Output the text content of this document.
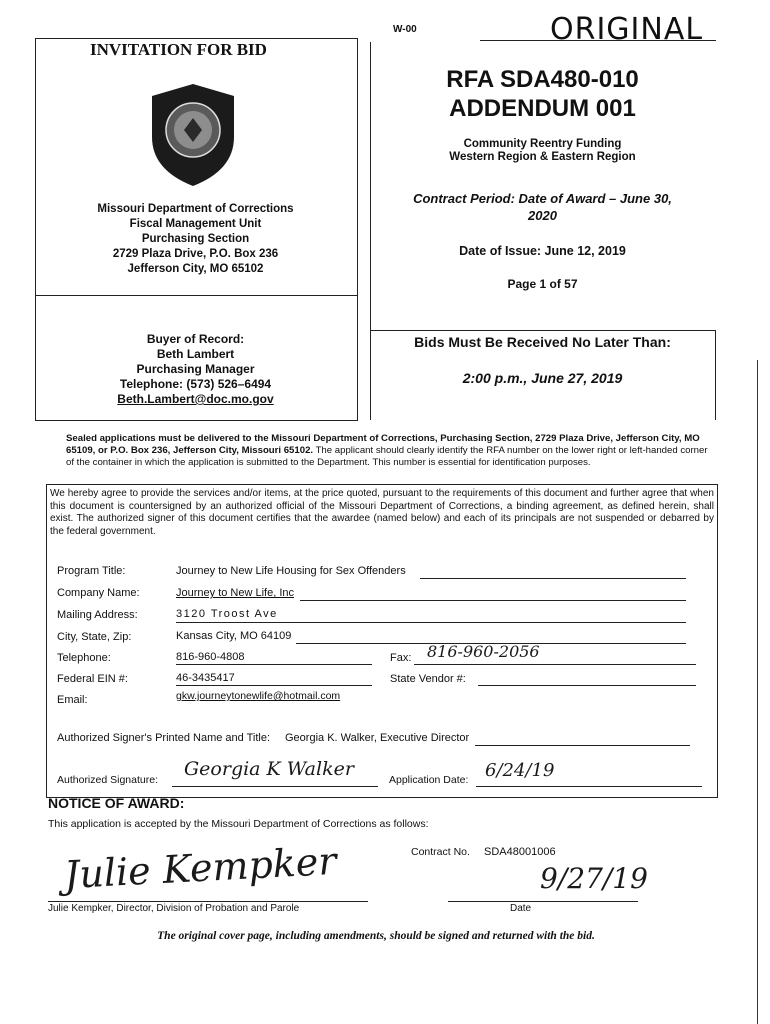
INVITATION FOR BID
Missouri Department of Corrections
Fiscal Management Unit
Purchasing Section
2729 Plaza Drive, P.O. Box 236
Jefferson City, MO 65102
Buyer of Record:
Beth Lambert
Purchasing Manager
Telephone: (573) 526–6494
Beth.Lambert@doc.mo.gov
W-00	ORIGINAL
RFA SDA480-010
ADDENDUM 001
Community Reentry Funding
Western Region & Eastern Region
Contract Period: Date of Award – June 30,
2020
Date of Issue: June 12, 2019
Page 1 of 57
Bids Must Be Received No Later Than:
2:00 p.m., June 27, 2019
Sealed applications must be delivered to the Missouri Department of Corrections, Purchasing Section, 2729 Plaza Drive, Jefferson City, MO 65109, or P.O. Box 236, Jefferson City, Missouri 65102. The applicant should clearly identify the RFA number on the lower right or left-handed corner of the container in which the application is submitted to the Department. This number is essential for identification purposes.
We hereby agree to provide the services and/or items, at the price quoted, pursuant to the requirements of this document and further agree that when this document is countersigned by an authorized official of the Missouri Department of Corrections, a binding agreement, as defined herein, shall exist. The authorized signer of this document certifies that the awardee (named below) and each of its principals are not suspended or debarred by the federal government.
Program Title:	Journey to New Life Housing for Sex Offenders
Company Name:	Journey to New Life, Inc
Mailing Address:	3120 Troost Ave
City, State, Zip:	Kansas City, MO 64109
Telephone:	816-960-4808	Fax: 816-960-2056
Federal EIN #:	46-3435417	State Vendor #:
Email:	gkw.journeytonewlife@hotmail.com
Authorized Signer's Printed Name and Title: Georgia K. Walker, Executive Director
Authorized Signature: Georgia K Walker	Application Date: 6/24/19
NOTICE OF AWARD:
This application is accepted by the Missouri Department of Corrections as follows:
Contract No. SDA48001006
Julie Kempker
Julie Kempker, Director, Division of Probation and Parole
9/27/19
Date
The original cover page, including amendments, should be signed and returned with the bid.
